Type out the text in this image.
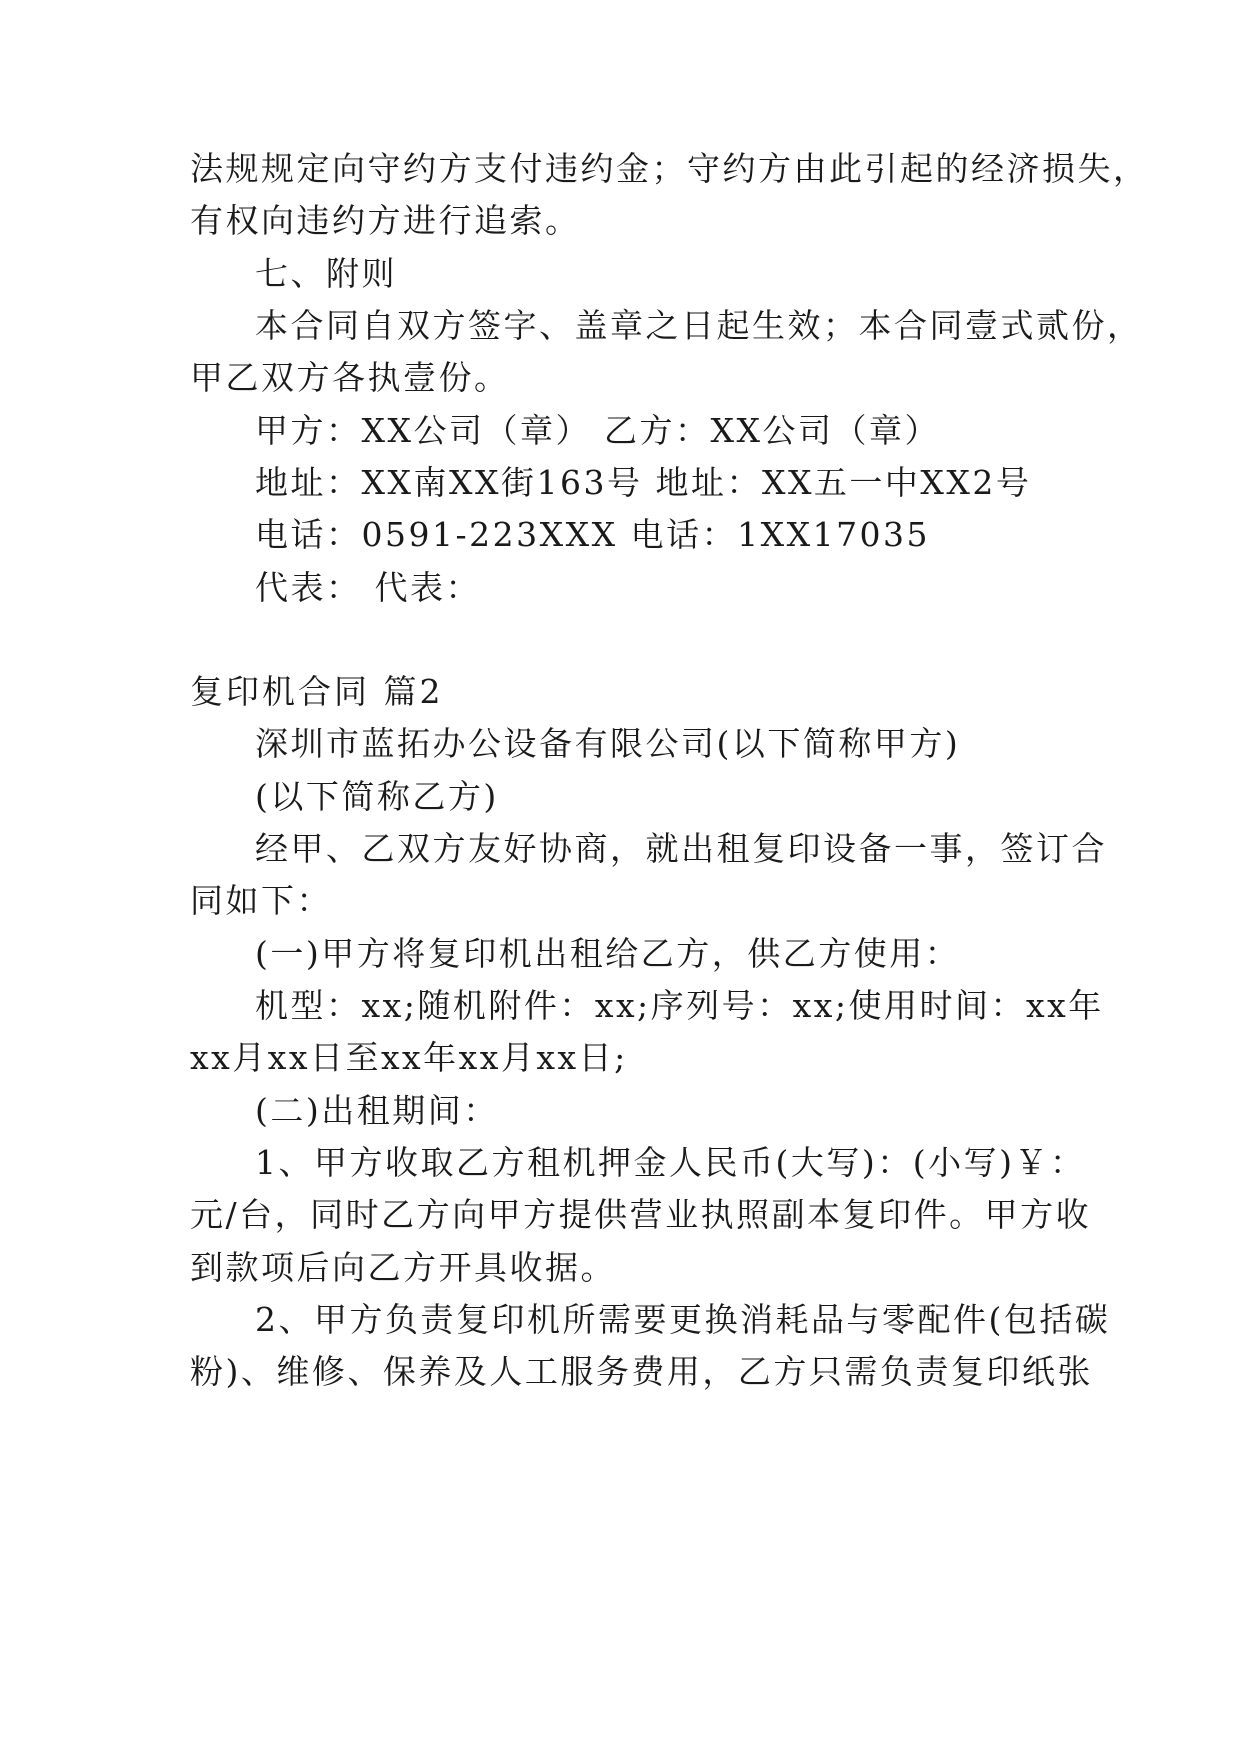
法规规定向守约方支付违约金；守约方由此引起的经济损失，

有权向违约方进行追索。

七、附则

本合同自双方签字、盖章之日起生效；本合同壹式贰份，

甲乙双方各执壹份。

甲方：XX公司（章） 乙方：XX公司（章）

地址：XX南XX街163号 地址：XX五一中XX2号

电话：0591-223XXX 电话：1XX17035

代表： 代表：

复印机合同 篇2

深圳市蓝拓办公设备有限公司(以下简称甲方)

(以下简称乙方)

经甲、乙双方友好协商，就出租复印设备一事，签订合

同如下：

(一)甲方将复印机出租给乙方，供乙方使用：

机型：xx;随机附件：xx;序列号：xx;使用时间：xx年

xx月xx日至xx年xx月xx日;

(二)出租期间：

1、甲方收取乙方租机押金人民币(大写)：(小写)￥：

元/台，同时乙方向甲方提供营业执照副本复印件。甲方收

到款项后向乙方开具收据。

2、甲方负责复印机所需要更换消耗品与零配件(包括碳

粉)、维修、保养及人工服务费用，乙方只需负责复印纸张
